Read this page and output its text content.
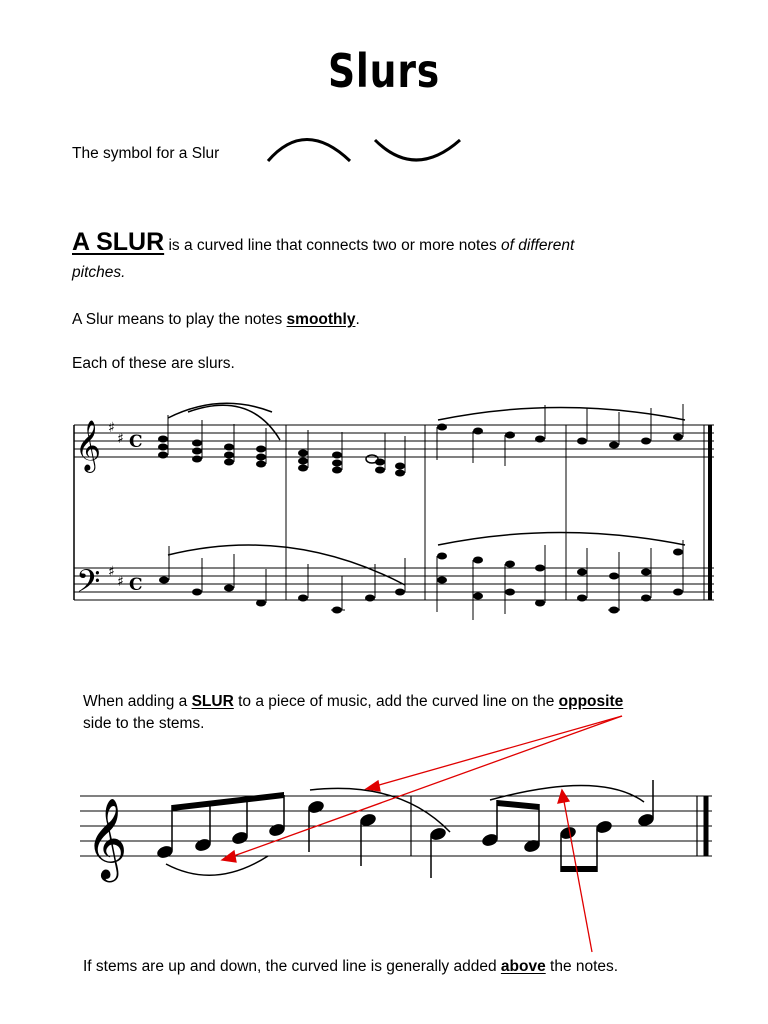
Slurs
The symbol for a Slur
A SLUR is a curved line that connects two or more notes of different
pitches.
A Slur means to play the notes smoothly.
Each of these are slurs.
𝄞
𝄢
♯
♯
♯
♯
C
C
When adding a SLUR to a piece of music, add the curved line on the opposite
side to the stems.
𝄞
If stems are up and down, the curved line is generally added above the notes.
